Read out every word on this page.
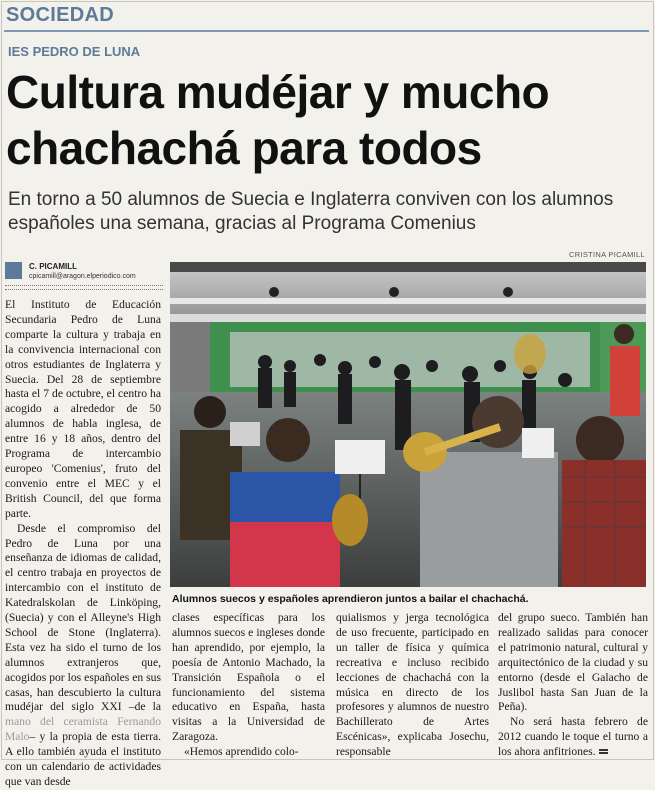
SOCIEDAD
IES PEDRO DE LUNA
Cultura mudéjar y mucho chachachá para todos
En torno a 50 alumnos de Suecia e Inglaterra conviven con los alumnos españoles una semana, gracias al Programa Comenius
CRISTINA PICAMILL
C. PICAMILL
cpicamill@aragon.elperiodico.com

El Instituto de Educación Secundaria Pedro de Luna comparte la cultura y trabaja en la convivencia internacional con otros estudiantes de Inglaterra y Suecia. Del 28 de septiembre hasta el 7 de octubre, el centro ha acogido a alrededor de 50 alumnos de habla inglesa, de entre 16 y 18 años, dentro del Programa de intercambio europeo 'Comenius', fruto del convenio entre el MEC y el British Council, del que forma parte.

Desde el compromiso del Pedro de Luna por una enseñanza de idiomas de calidad, el centro trabaja en proyectos de intercambio con el instituto de Katedralskolan de Linköping, (Suecia) y con el Alleyne's High School de Stone (Inglaterra). Esta vez ha sido el turno de los alumnos extranjeros que, acogidos por los españoles en sus casas, han descubierto la cultura mudéjar del siglo XXI –de la mano del ceramista Fernando Malo– y la propia de esta tierra. A ello también ayuda el instituto con un calendario de actividades que van desde

Alumnos suecos y españoles aprendieron juntos a bailar el chachachá.

clases específicas para los alumnos suecos e ingleses donde han aprendido, por ejemplo, la poesía de Antonio Machado, la Transición Española o el funcionamiento del sistema educativo en España, hasta visitas a la Universidad de Zaragoza.

«Hemos aprendido colo-

quialismos y jerga tecnológica de uso frecuente, participado en un taller de física y química recreativa e incluso recibido lecciones de chachachá con la música en directo de los profesores y alumnos de nuestro Bachillerato de Artes Escénicas», explicaba Josechu, responsable

del grupo sueco. También han realizado salidas para conocer el patrimonio natural, cultural y arquitectónico de la ciudad y su entorno (desde el Galacho de Juslibol hasta San Juan de la Peña).

No será hasta febrero de 2012 cuando le toque el turno a los ahora anfitriones.
